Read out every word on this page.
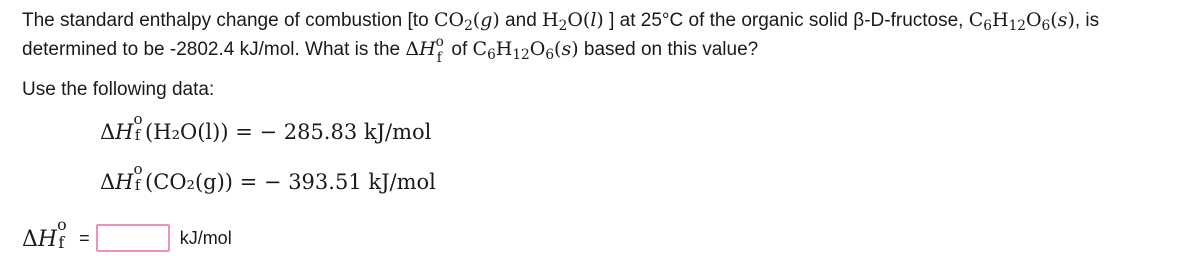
The standard enthalpy change of combustion [to $CO_2(g)$ and $H_2O(l)$ ] at 25°C of the organic solid β-D-fructose, $C_6H_{12}O_6(s)$, is determined to be -2802.4 kJ/mol. What is the ΔH o
f of $C_6H_{12}O_6(s)$ based on this value?
Use the following data:
ΔH
o
f (H₂O(l)) = − 285.83 kJ/mol
ΔH
o
f (CO₂(g)) = − 393.51 kJ/mol
ΔH
o
f =	kJ/mol
